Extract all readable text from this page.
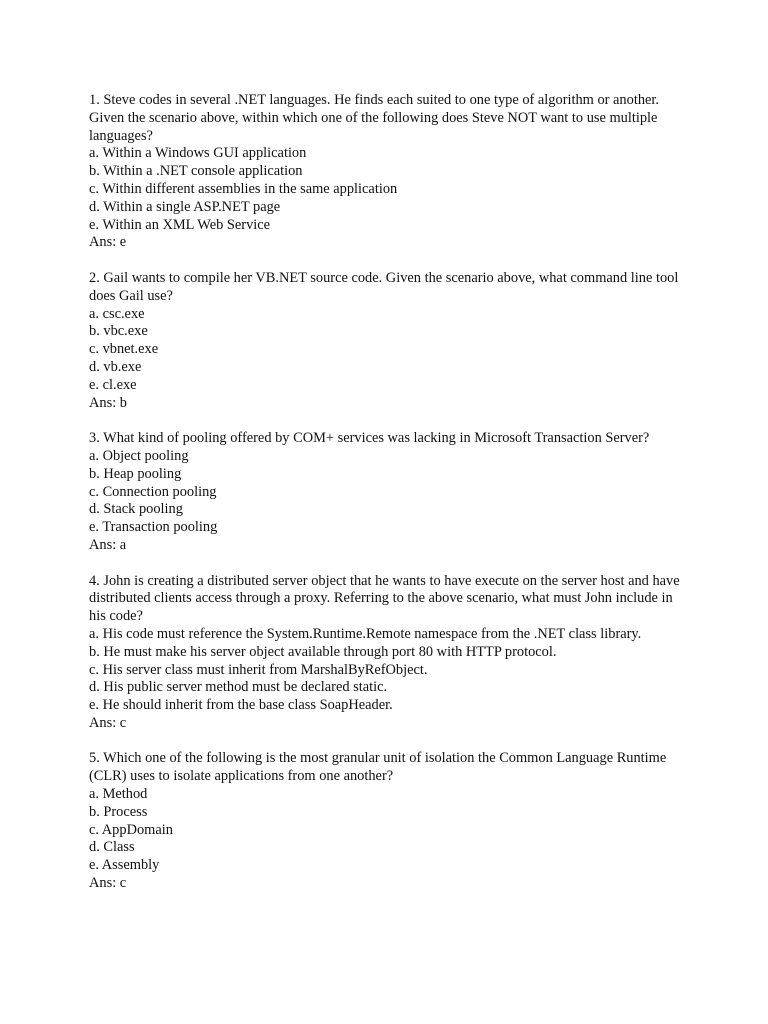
1. Steve codes in several .NET languages. He finds each suited to one type of algorithm or another. Given the scenario above, within which one of the following does Steve NOT want to use multiple languages?

a. Within a Windows GUI application
b. Within a .NET console application
c. Within different assemblies in the same application
d. Within a single ASP.NET page
e. Within an XML Web Service

Ans: e

2. Gail wants to compile her VB.NET source code. Given the scenario above, what command line tool does Gail use?

a. csc.exe
b. vbc.exe
c. vbnet.exe
d. vb.exe
e. cl.exe

Ans: b

3. What kind of pooling offered by COM+ services was lacking in Microsoft Transaction Server?

a. Object pooling
b. Heap pooling
c. Connection pooling
d. Stack pooling
e. Transaction pooling

Ans: a

4. John is creating a distributed server object that he wants to have execute on the server host and have distributed clients access through a proxy. Referring to the above scenario, what must John include in his code?

a. His code must reference the System.Runtime.Remote namespace from the .NET class library.
b. He must make his server object available through port 80 with HTTP protocol.
c. His server class must inherit from MarshalByRefObject.
d. His public server method must be declared static.
e. He should inherit from the base class SoapHeader.

Ans: c

5. Which one of the following is the most granular unit of isolation the Common Language Runtime (CLR) uses to isolate applications from one another?

a. Method
b. Process
c. AppDomain
d. Class
e. Assembly

Ans: c
